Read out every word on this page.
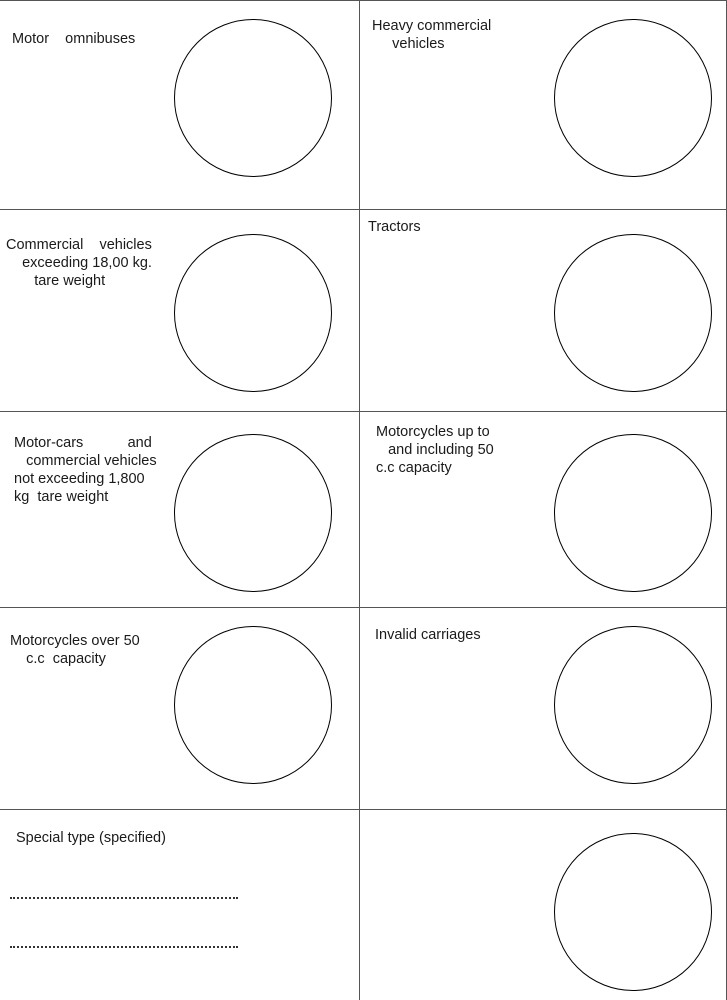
Motor    omnibuses
Heavy commercial
vehicles
Commercial    vehicles
exceeding 18,00 kg.
tare weight
Tractors
Motor-cars           and
commercial vehicles
not exceeding 1,800
kg  tare weight
Motorcycles up to
and including 50
c.c capacity
Motorcycles over 50
c.c  capacity
Invalid carriages
Special type (specified)
